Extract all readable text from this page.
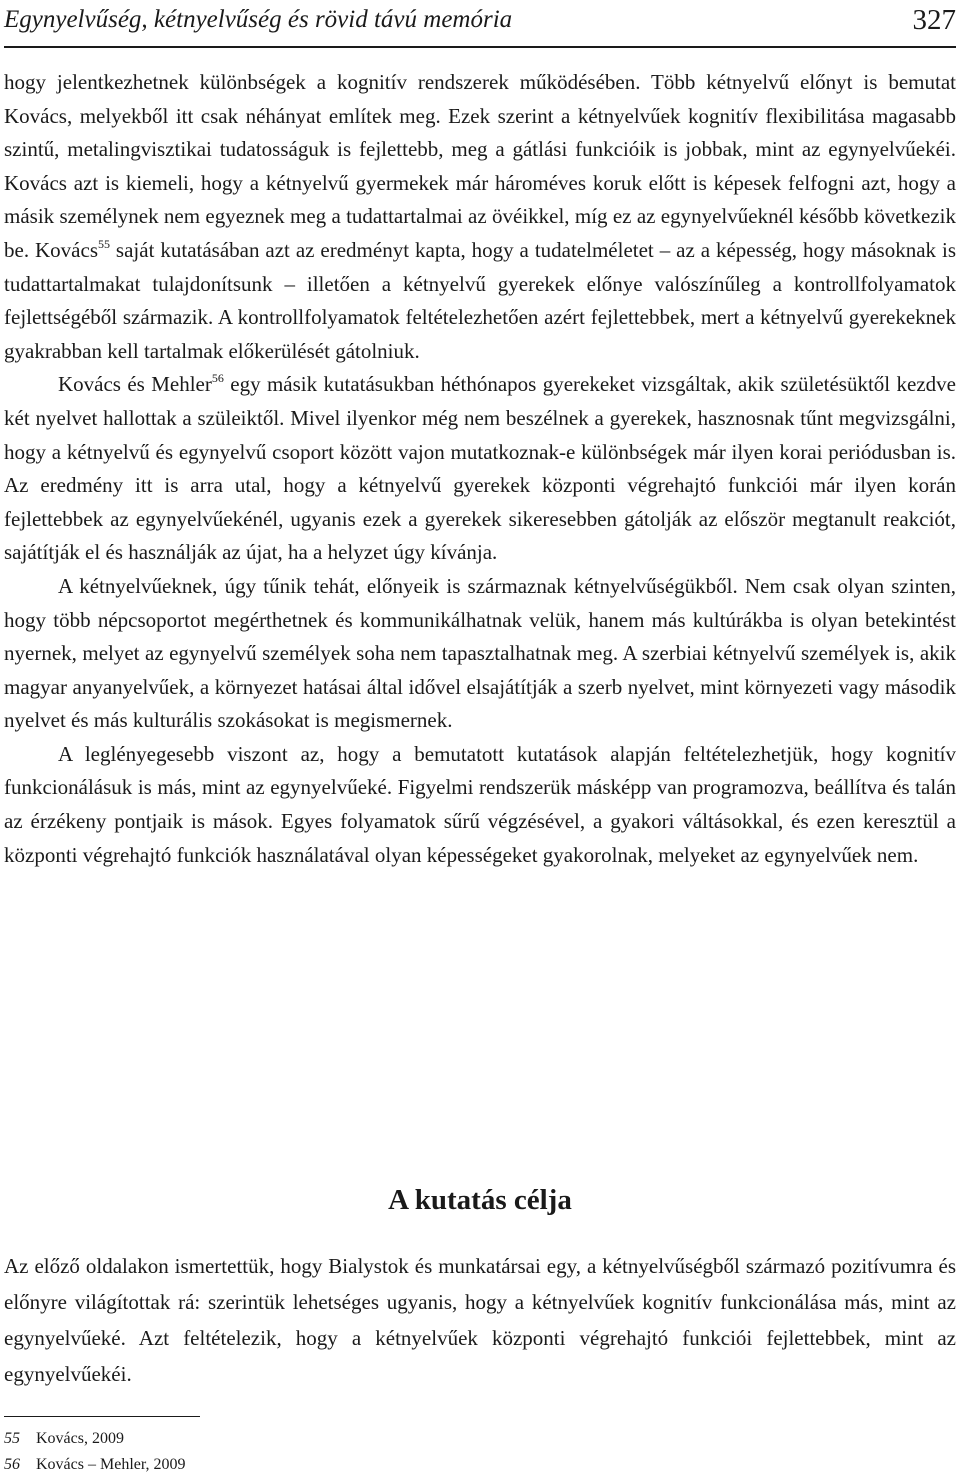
Egynyelvűség, kétnyelvűség és rövid távú memória	327

hogy jelentkezhetnek különbségek a kognitív rendszerek működésében. Több kétnyelvű előnyt is bemutat Kovács, melyekből itt csak néhányat említek meg. Ezek szerint a kétnyelvűek kognitív flexibilitása magasabb szintű, metalingvisztikai tudatosságuk is fejlettebb, meg a gátlási funkcióik is jobbak, mint az egynyelvűekéi. Kovács azt is kiemeli, hogy a kétnyelvű gyermekek már hároméves koruk előtt is képesek felfogni azt, hogy a másik személynek nem egyeznek meg a tudattartalmai az övéikkel, míg ez az egynyelvűeknél később következik be. Kovács$^{55}$ saját kutatásában azt az eredményt kapta, hogy a tudatelméletet – az a képesség, hogy másoknak is tudattartalmakat tulajdonítsunk – illetően a kétnyelvű gyerekek előnye valószínűleg a kontrollfolyamatok fejlettségéből származik. A kontrollfolyamatok feltételezhetően azért fejlettebbek, mert a kétnyelvű gyerekeknek gyakrabban kell tartalmak előkerülését gátolniuk.

Kovács és Mehler$^{56}$ egy másik kutatásukban héthónapos gyerekeket vizsgáltak, akik születésüktől kezdve két nyelvet hallottak a szüleiktől. Mivel ilyenkor még nem beszélnek a gyerekek, hasznosnak tűnt megvizsgálni, hogy a kétnyelvű és egynyelvű csoport között vajon mutatkoznak-e különbségek már ilyen korai periódusban is. Az eredmény itt is arra utal, hogy a kétnyelvű gyerekek központi végrehajtó funkciói már ilyen korán fejlettebbek az egynyelvűekénél, ugyanis ezek a gyerekek sikeresebben gátolják az először megtanult reakciót, sajátítják el és használják az újat, ha a helyzet úgy kívánja.

A kétnyelvűeknek, úgy tűnik tehát, előnyeik is származnak kétnyelvűségükből. Nem csak olyan szinten, hogy több népcsoportot megérthetnek és kommunikálhatnak velük, hanem más kultúrákba is olyan betekintést nyernek, melyet az egynyelvű személyek soha nem tapasztalhatnak meg. A szerbiai kétnyelvű személyek is, akik magyar anyanyelvűek, a környezet hatásai által idővel elsajátítják a szerb nyelvet, mint környezeti vagy második nyelvet és más kulturális szokásokat is megismernek.

A leglényegesebb viszont az, hogy a bemutatott kutatások alapján feltételezhetjük, hogy kognitív funkcionálásuk is más, mint az egynyelvűeké. Figyelmi rendszerük másképp van programozva, beállítva és talán az érzékeny pontjaik is mások. Egyes folyamatok sűrű végzésével, a gyakori váltásokkal, és ezen keresztül a központi végrehajtó funkciók használatával olyan képességeket gyakorolnak, melyeket az egynyelvűek nem.

A kutatás célja

Az előző oldalakon ismertettük, hogy Bialystok és munkatársai egy, a kétnyelvűségből származó pozitívumra és előnyre világítottak rá: szerintük lehetséges ugyanis, hogy a kétnyelvűek kognitív funkcionálása más, mint az egynyelvűeké. Azt feltételezik, hogy a kétnyelvűek központi végrehajtó funkciói fejlettebbek, mint az egynyelvűekéi.

55 Kovács, 2009
56 Kovács – Mehler, 2009
